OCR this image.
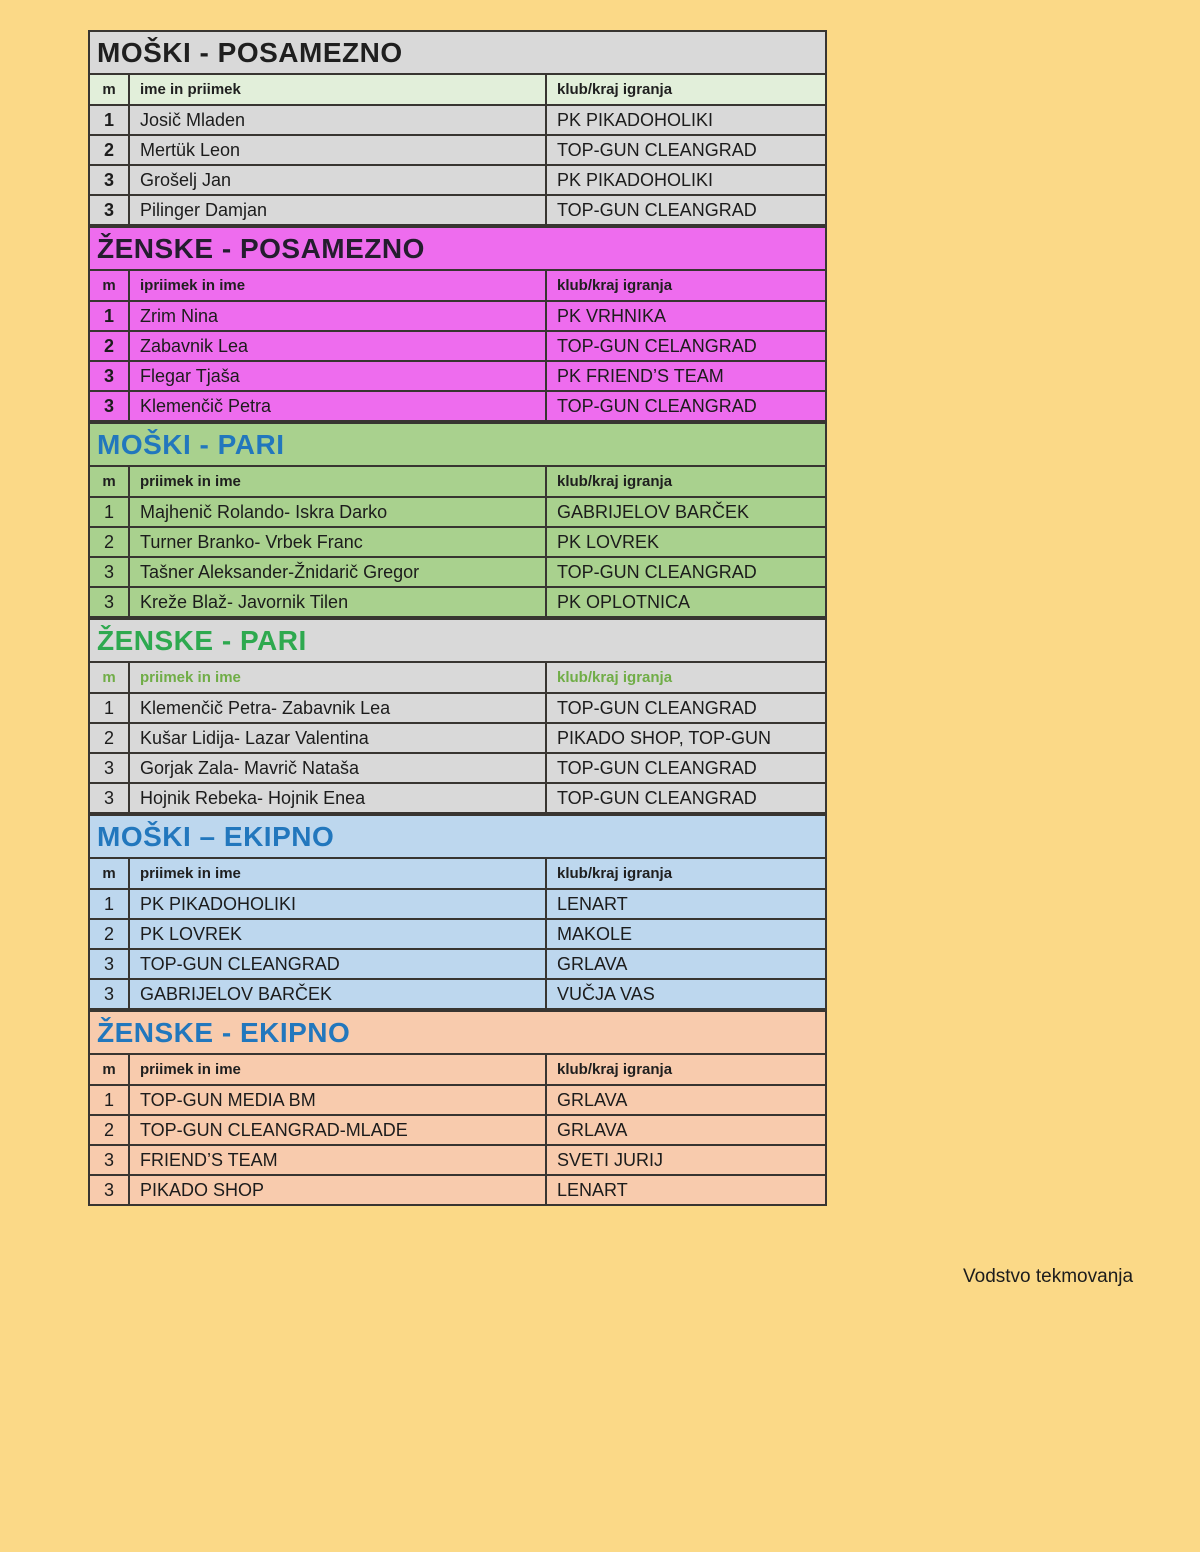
MOŠKI - POSAMEZNO		
m	ime in priimek	klub/kraj igranja
1	Josič Mladen	PK PIKADOHOLIKI
2	Mertük Leon	TOP-GUN CLEANGRAD
3	Grošelj Jan	PK PIKADOHOLIKI
3	Pilinger Damjan	TOP-GUN CLEANGRAD
ŽENSKE - POSAMEZNO		
m	ipriimek in ime	klub/kraj igranja
1	Zrim Nina	PK VRHNIKA
2	Zabavnik Lea	TOP-GUN CELANGRAD
3	Flegar Tjaša	PK FRIEND’S TEAM
3	Klemenčič Petra	TOP-GUN CLEANGRAD
MOŠKI - PARI		
m	priimek in ime	klub/kraj igranja
1	Majhenič Rolando- Iskra Darko	GABRIJELOV BARČEK
2	Turner Branko- Vrbek Franc	PK LOVREK
3	Tašner Aleksander-Žnidarič Gregor	TOP-GUN CLEANGRAD
3	Kreže Blaž- Javornik Tilen	PK OPLOTNICA
ŽENSKE - PARI		
m	priimek in ime	klub/kraj igranja
1	Klemenčič Petra- Zabavnik Lea	TOP-GUN CLEANGRAD
2	Kušar Lidija- Lazar Valentina	PIKADO SHOP, TOP-GUN
3	Gorjak Zala- Mavrič Nataša	TOP-GUN CLEANGRAD
3	Hojnik Rebeka- Hojnik Enea	TOP-GUN CLEANGRAD
MOŠKI – EKIPNO		
m	priimek in ime	klub/kraj igranja
1	PK PIKADOHOLIKI	LENART
2	PK LOVREK	MAKOLE
3	TOP-GUN CLEANGRAD	GRLAVA
3	GABRIJELOV BARČEK	VUČJA VAS
ŽENSKE - EKIPNO		
m	priimek in ime	klub/kraj igranja
1	TOP-GUN MEDIA BM	GRLAVA
2	TOP-GUN CLEANGRAD-MLADE	GRLAVA
3	FRIEND’S TEAM	SVETI JURIJ
3	PIKADO SHOP	LENART
Vodstvo tekmovanja
